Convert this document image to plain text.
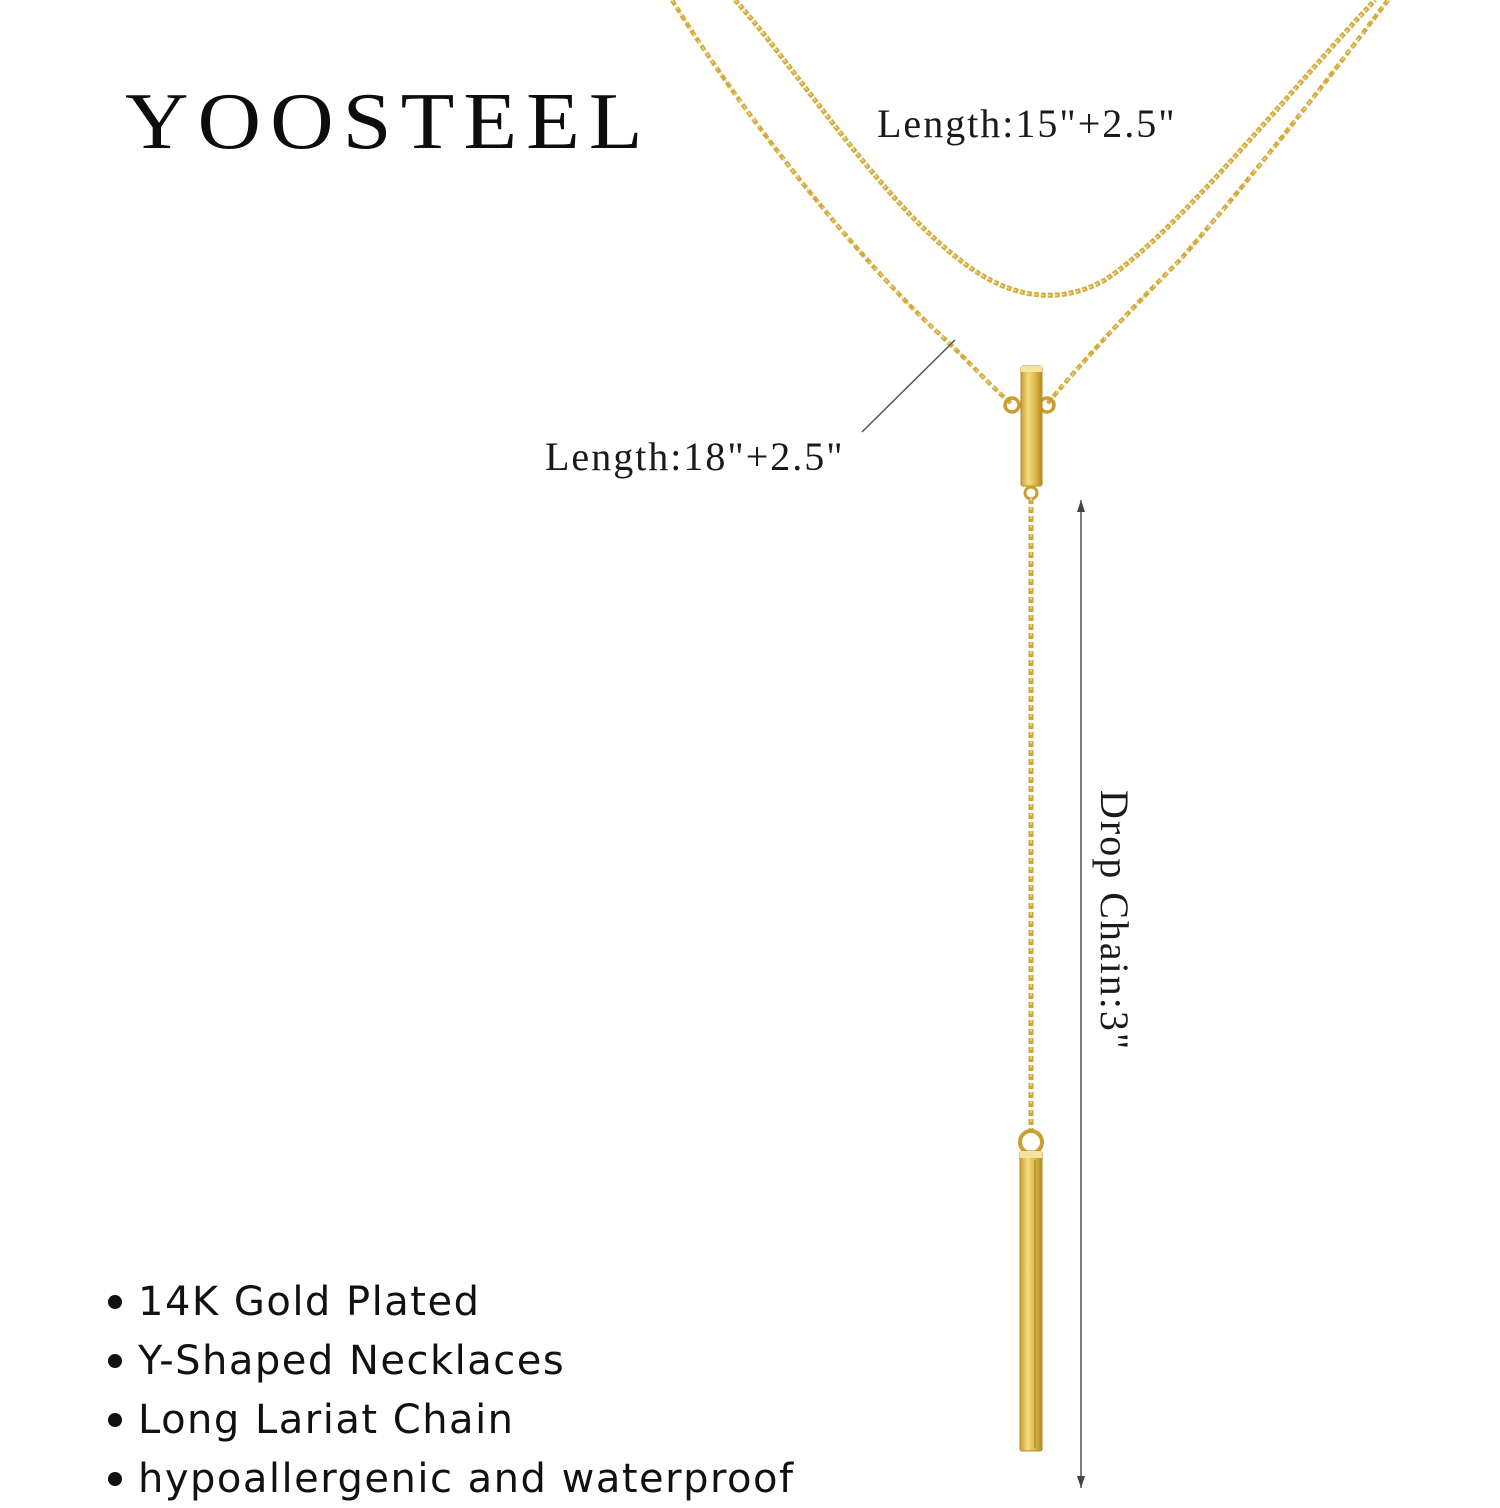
YOOSTEEL	Length:15"+2.5"
Length:18"+2.5"
Drop Chain:3"
14K Gold Plated
Y-Shaped Necklaces
Long Lariat Chain
hypoallergenic and waterproof
